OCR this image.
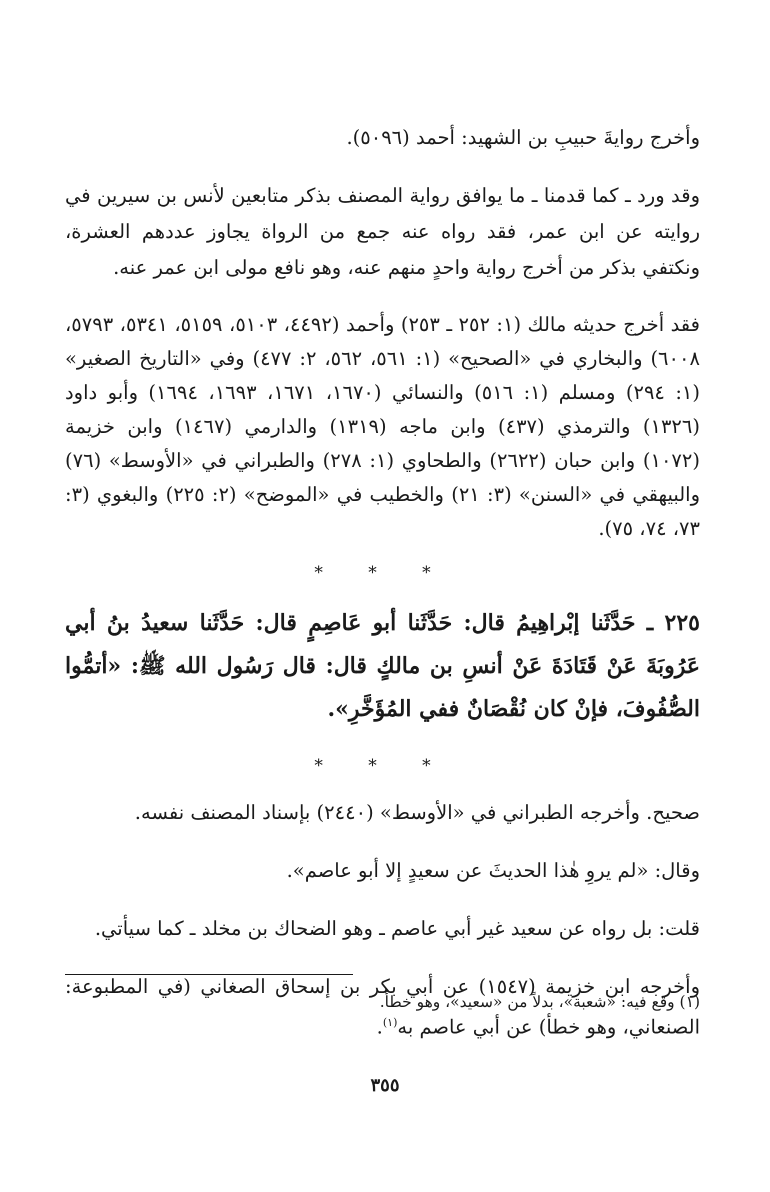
وأخرج روايةَ حبيبِ بن الشهيد: أحمد (٥٠٩٦).

وقد ورد ـ كما قدمنا ـ ما يوافق رواية المصنف بذكر متابعين لأنس بن سيرين في روايته عن ابن عمر، فقد رواه عنه جمع من الرواة يجاوز عددهم العشرة، ونكتفي بذكر من أخرج رواية واحدٍ منهم عنه، وهو نافع مولى ابن عمر عنه.

فقد أخرج حديثه مالك (١: ٢٥٢ ـ ٢٥٣) وأحمد (٤٤٩٢، ٥١٠٣، ٥١٥٩، ٥٣٤١، ٥٧٩٣، ٦٠٠٨) والبخاري في «الصحيح» (١: ٥٦١، ٥٦٢، ٢: ٤٧٧) وفي «التاريخ الصغير» (١: ٢٩٤) ومسلم (١: ٥١٦) والنسائي (١٦٧٠، ١٦٧١، ١٦٩٣، ١٦٩٤) وأبو داود (١٣٢٦) والترمذي (٤٣٧) وابن ماجه (١٣١٩) والدارمي (١٤٦٧) وابن خزيمة (١٠٧٢) وابن حبان (٢٦٢٢) والطحاوي (١: ٢٧٨) والطبراني في «الأوسط» (٧٦) والبيهقي في «السنن» (٣: ٢١) والخطيب في «الموضح» (٢: ٢٢٥) والبغوي (٣: ٧٣، ٧٤، ٧٥).

* * *

٢٢٥ ـ حَدَّثَنا إبْراهِيمُ قال: حَدَّثَنا أبو عَاصِمٍ قال: حَدَّثَنا سعيدُ بنُ أبي عَرُوبَةَ عَنْ قَتَادَةَ عَنْ أنسِ بن مالكٍ قال: قال رَسُول الله ﷺ: «أتمُّوا الصُّفُوفَ، فإنْ كان نُقْصَانٌ ففي المُؤَخَّرِ».

* * *

صحيح. وأخرجه الطبراني في «الأوسط» (٢٤٤٠) بإسناد المصنف نفسه.

وقال: «لم يروِ هٰذا الحديثَ عن سعيدٍ إلا أبو عاصم».

قلت: بل رواه عن سعيد غير أبي عاصم ـ وهو الضحاك بن مخلد ـ كما سيأتي.

وأخرجه ابن خزيمة (١٥٤٧) عن أبي بكر بن إسحاق الصغاني (في المطبوعة: الصنعاني، وهو خطأ) عن أبي عاصم به$^{(١)}$.

(١) وقع فيه: «شعبة»، بدلاً من «سعيد»، وهو خطأ.
٣٥٥
